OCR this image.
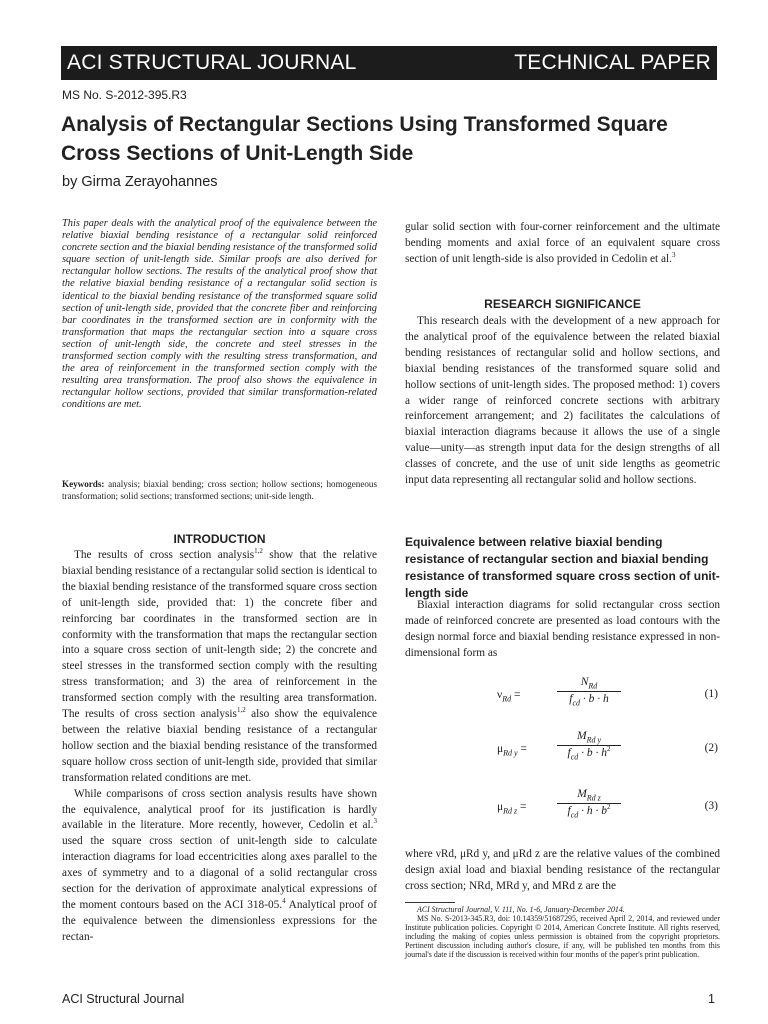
ACI STRUCTURAL JOURNAL	TECHNICAL PAPER
MS No. S-2012-395.R3
Analysis of Rectangular Sections Using Transformed Square Cross Sections of Unit-Length Side
by Girma Zerayohannes

This paper deals with the analytical proof of the equivalence between the relative biaxial bending resistance of a rectangular solid reinforced concrete section and the biaxial bending resistance of the transformed solid square section of unit-length side. Similar proofs are also derived for rectangular hollow sections. The results of the analytical proof show that the relative biaxial bending resistance of a rectangular solid section is identical to the biaxial bending resistance of the transformed square solid section of unit-length side, provided that the concrete fiber and reinforcing bar coordinates in the transformed section are in conformity with the transformation that maps the rectangular section into a square cross section of unit-length side, the concrete and steel stresses in the transformed section comply with the resulting stress transformation, and the area of reinforcement in the transformed section comply with the resulting area transformation. The proof also shows the equivalence in rectangular hollow sections, provided that similar transformation-related conditions are met.

Keywords: analysis; biaxial bending; cross section; hollow sections; homogeneous transformation; solid sections; transformed sections; unit-side length.
INTRODUCTION

The results of cross section analysis$^{1,2}$ show that the relative biaxial bending resistance of a rectangular solid section is identical to the biaxial bending resistance of the transformed square cross section of unit-length side, provided that: 1) the concrete fiber and reinforcing bar coordinates in the transformed section are in conformity with the transformation that maps the rectangular section into a square cross section of unit-length side; 2) the concrete and steel stresses in the transformed section comply with the resulting stress transformation; and 3) the area of reinforcement in the transformed section comply with the resulting area transformation. The results of cross section analysis$^{1,2}$ also show the equivalence between the relative biaxial bending resistance of a rectangular hollow section and the biaxial bending resistance of the transformed square hollow cross section of unit-length side, provided that similar transformation related conditions are met.

While comparisons of cross section analysis results have shown the equivalence, analytical proof for its justification is hardly available in the literature. More recently, however, Cedolin et al.$^3$ used the square cross section of unit-length side to calculate interaction diagrams for load eccentricities along axes parallel to the axes of symmetry and to a diagonal of a solid rectangular cross section for the derivation of approximate analytical expressions of the moment contours based on the ACI 318-05.$^4$ Analytical proof of the equivalence between the dimensionless expressions for the rectan-

gular solid section with four-corner reinforcement and the ultimate bending moments and axial force of an equivalent square cross section of unit length-side is also provided in Cedolin et al.$^3$

RESEARCH SIGNIFICANCE

This research deals with the development of a new approach for the analytical proof of the equivalence between the related biaxial bending resistances of rectangular solid and hollow sections, and biaxial bending resistances of the transformed square solid and hollow sections of unit-length sides. The proposed method: 1) covers a wider range of reinforced concrete sections with arbitrary reinforcement arrangement; and 2) facilitates the calculations of biaxial interaction diagrams because it allows the use of a single value—unity—as strength input data for the design strengths of all classes of concrete, and the use of unit side lengths as geometric input data representing all rectangular solid and hollow sections.

Equivalence between relative biaxial bending resistance of rectangular section and biaxial bending resistance of transformed square cross section of unit-length side

Biaxial interaction diagrams for solid rectangular cross section made of reinforced concrete are presented as load contours with the design normal force and biaxial bending resistance expressed in non-dimensional form as

$\nu_{Rd}$ =
$N_{Rd}$
$f_{cd} \cdot b \cdot h$	(1)
$\mu_{Rd y}$ =
$M_{Rd y}$
$f_{cd} \cdot b \cdot h^2$	(2)
$\mu_{Rd z}$ =
$M_{Rd z}$
$f_{cd} \cdot h \cdot b^2$	(3)

where νRd, μRd y, and μRd z are the relative values of the combined design axial load and biaxial bending resistance of the rectangular cross section; NRd, MRd y, and MRd z are the

ACI Structural Journal, V. 111, No. 1-6, January-December 2014.

MS No. S-2013-345.R3, doi: 10.14359/51687295, received April 2, 2014, and reviewed under Institute publication policies. Copyright © 2014, American Concrete Institute. All rights reserved, including the making of copies unless permission is obtained from the copyright proprietors. Pertinent discussion including author's closure, if any, will be published ten months from this journal's date if the discussion is received within four months of the paper's print publication.

ACI Structural Journal	1
